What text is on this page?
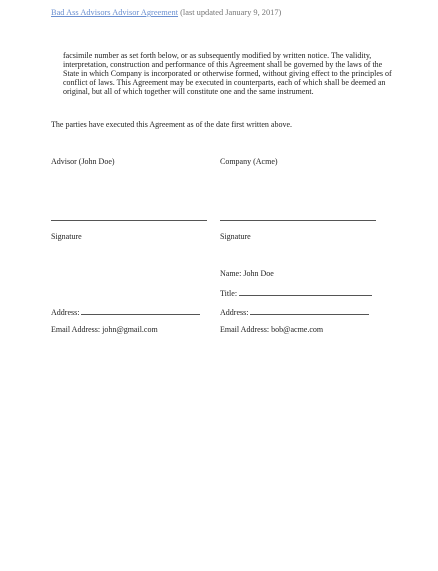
Bad Ass Advisors Advisor Agreement (last updated January 9, 2017)

facsimile number as set forth below, or as subsequently modified by written notice. The validity, interpretation, construction and performance of this Agreement shall be governed by the laws of the State in which Company is incorporated or otherwise formed, without giving effect to the principles of conflict of laws. This Agreement may be executed in counterparts, each of which shall be deemed an original, but all of which together will constitute one and the same instrument.

The parties have executed this Agreement as of the date first written above.
Advisor (John Doe)
Signature
Address:
Email Address: john@gmail.com
Company (Acme)
Signature
Name: John Doe
Title:
Address:
Email Address: bob@acme.com
